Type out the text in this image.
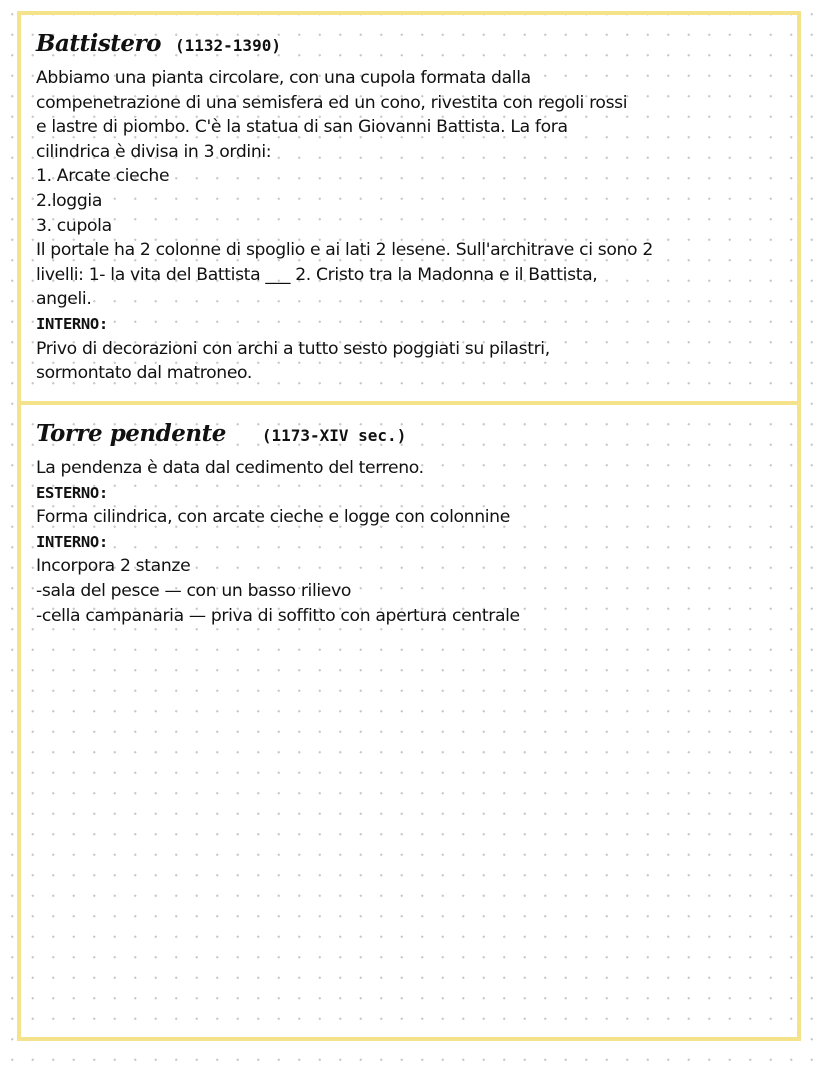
Battistero (1132-1390)
Abbiamo una pianta circolare, con una cupola formata dalla
compenetrazione di una semisfera ed un cono, rivestita con regoli rossi
e lastre di piombo. C'è la statua di san Giovanni Battista. La fora
cilindrica è divisa in 3 ordini:
1. Arcate cieche
2.loggia
3. cupola
Il portale ha 2 colonne di spoglio e ai lati 2 lesene. Sull'architrave ci sono 2
livelli: 1- la vita del Battista ___ 2. Cristo tra la Madonna e il Battista,
angeli.
INTERNO:
Privo di decorazioni con archi a tutto sesto poggiati su pilastri,
sormontato dal matroneo.
Torre pendente (1173-XIV sec.)
La pendenza è data dal cedimento del terreno.
ESTERNO:
Forma cilindrica, con arcate cieche e logge con colonnine
INTERNO:
Incorpora 2 stanze
-sala del pesce — con un basso rilievo
-cella campanaria — priva di soffitto con apertura centrale
